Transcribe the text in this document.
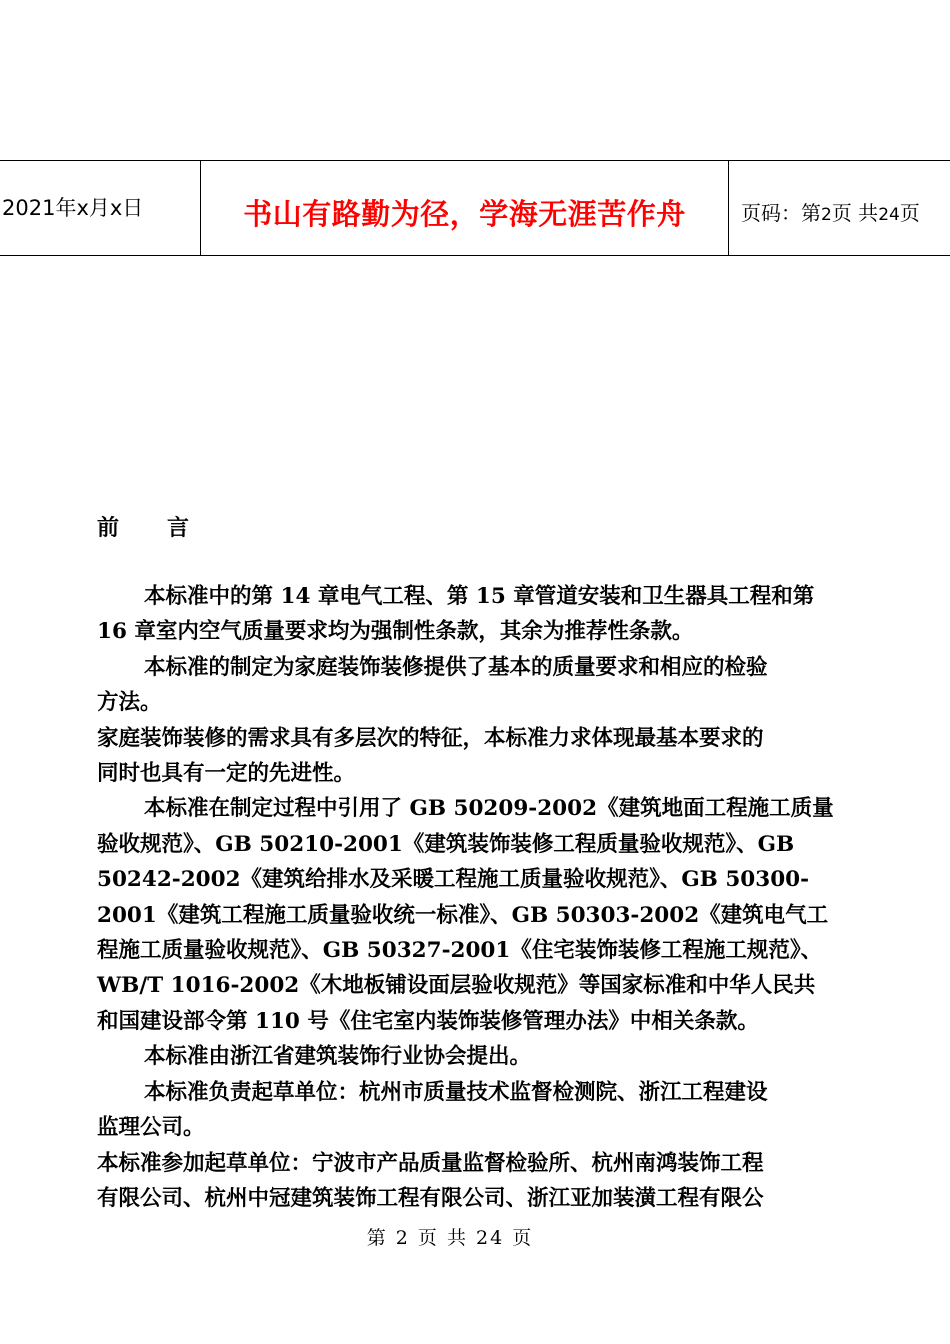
2021年x月x日	书山有路勤为径，学海无涯苦作舟	页码：第2页 共24页
前 言
本标准中的第 14 章电气工程、第 15 章管道安装和卫生器具工程和第
16 章室内空气质量要求均为强制性条款，其余为推荐性条款。
本标准的制定为家庭装饰装修提供了基本的质量要求和相应的检验
方法。
家庭装饰装修的需求具有多层次的特征，本标准力求体现最基本要求的
同时也具有一定的先进性。
本标准在制定过程中引用了 GB 50209-2002《建筑地面工程施工质量
验收规范》、GB 50210-2001《建筑装饰装修工程质量验收规范》、GB
50242-2002《建筑给排水及采暖工程施工质量验收规范》、GB 50300-
2001《建筑工程施工质量验收统一标准》、GB 50303-2002《建筑电气工
程施工质量验收规范》、GB 50327-2001《住宅装饰装修工程施工规范》、
WB/T 1016-2002《木地板铺设面层验收规范》等国家标准和中华人民共
和国建设部令第 110 号《住宅室内装饰装修管理办法》中相关条款。
本标准由浙江省建筑装饰行业协会提出。
本标准负责起草单位：杭州市质量技术监督检测院、浙江工程建设
监理公司。
本标准参加起草单位：宁波市产品质量监督检验所、杭州南鸿装饰工程
有限公司、杭州中冠建筑装饰工程有限公司、浙江亚加装潢工程有限公
第 2 页 共 24 页
